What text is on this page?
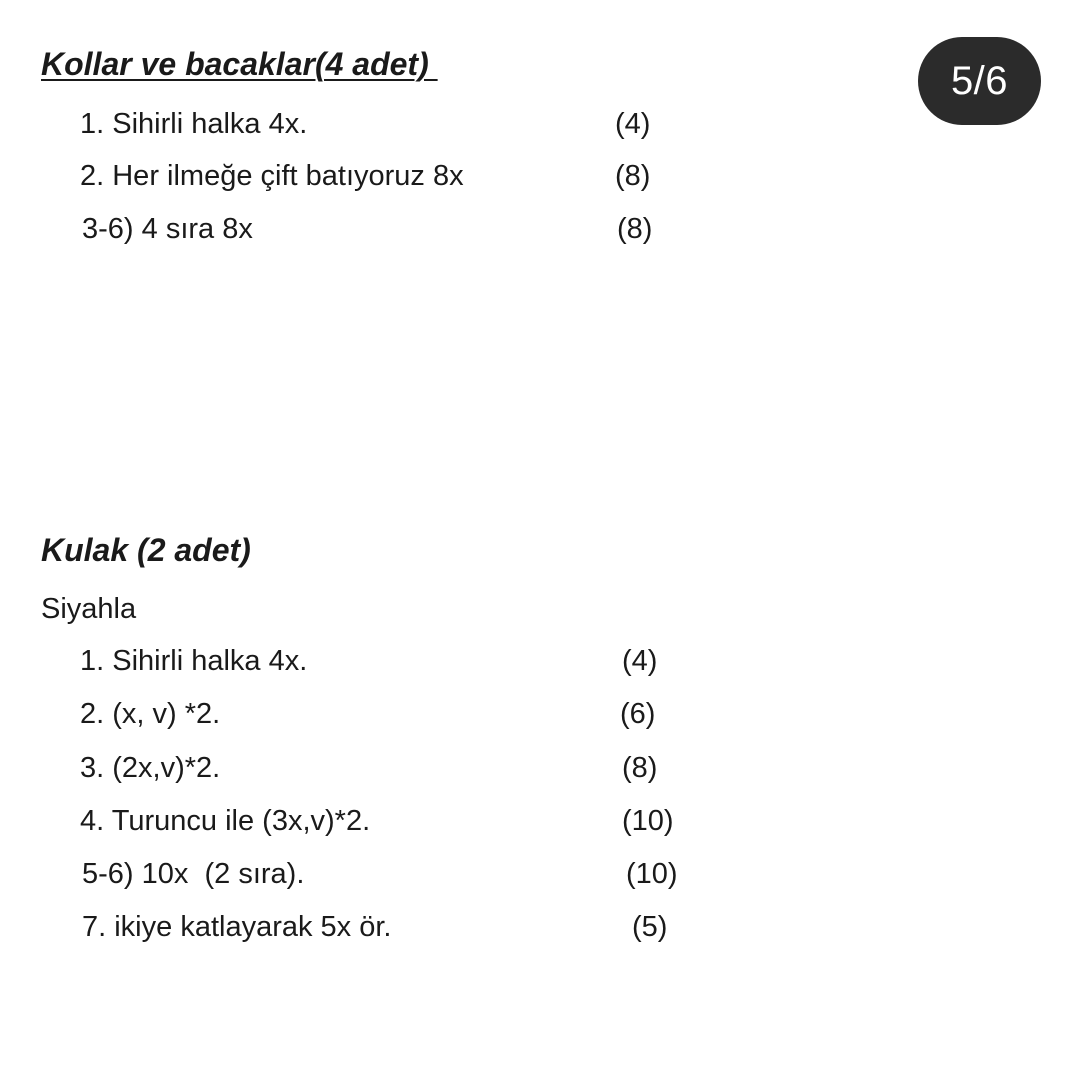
5/6
Kollar ve bacaklar(4 adet)
1. Sihirli halka 4x.	(4)
2. Her ilmeğe çift batıyoruz 8x	(8)
3-6) 4 sıra 8x	(8)
Kulak (2 adet)
Siyahla
1. Sihirli halka 4x.	(4)
2. (x, v) *2.	(6)
3. (2x,v)*2.	(8)
4. Turuncu ile (3x,v)*2.	(10)
5-6) 10x  (2 sıra).	(10)
7. ikiye katlayarak 5x ör.	(5)
